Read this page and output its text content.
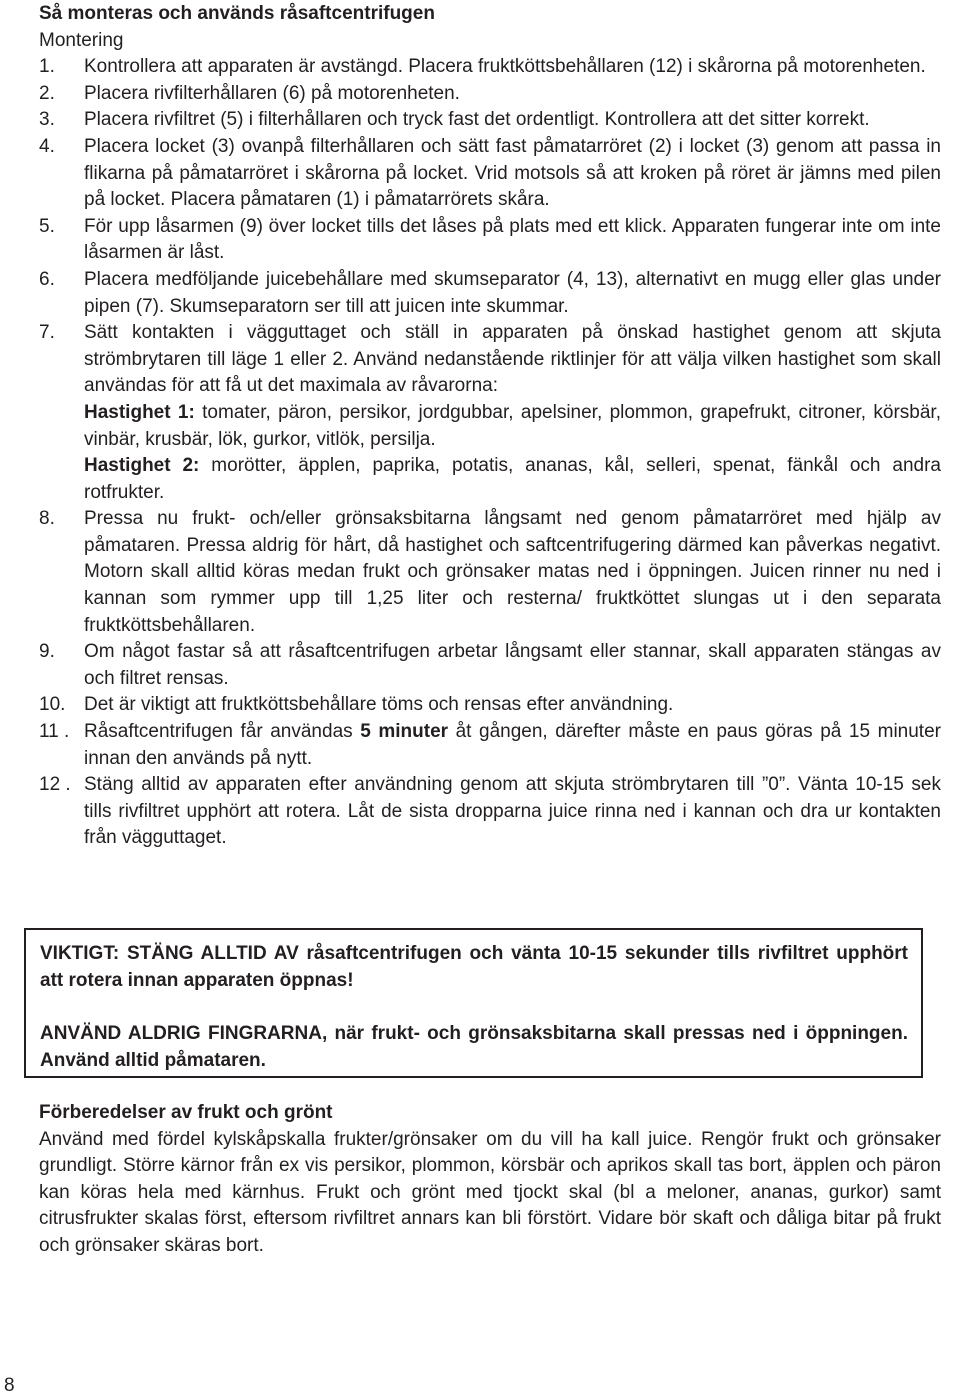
Så monteras och används råsaftcentrifugen

Montering

1. Kontrollera att apparaten är avstängd. Placera fruktköttsbehållaren (12) i skårorna på motorenheten.
2. Placera rivfilterhållaren (6) på motorenheten.
3. Placera rivfiltret (5) i filterhållaren och tryck fast det ordentligt. Kontrollera att det sitter korrekt.
4. Placera locket (3) ovanpå filterhållaren och sätt fast påmatarröret (2) i locket (3) genom att passa in flikarna på påmatarröret i skårorna på locket. Vrid motsols så att kroken på röret är jämns med pilen på locket. Placera påmataren (1) i påmatarrörets skåra.
5. För upp låsarmen (9) över locket tills det låses på plats med ett klick. Apparaten fungerar inte om inte låsarmen är låst.
6. Placera medföljande juicebehållare med skumseparator (4, 13), alternativt en mugg eller glas under pipen (7). Skumseparatorn ser till att juicen inte skummar.
7. Sätt kontakten i vägguttaget och ställ in apparaten på önskad hastighet genom att skjuta strömbrytaren till läge 1 eller 2. Använd nedanstående riktlinjer för att välja vilken hastighet som skall användas för att få ut det maximala av råvarorna:

Hastighet 1: tomater, päron, persikor, jordgubbar, apelsiner, plommon, grapefrukt, citroner, körsbär, vinbär, krusbär, lök, gurkor, vitlök, persilja.

Hastighet 2: morötter, äpplen, paprika, potatis, ananas, kål, selleri, spenat, fänkål och andra rotfrukter.

8. Pressa nu frukt- och/eller grönsaksbitarna långsamt ned genom påmatarröret med hjälp av påmataren. Pressa aldrig för hårt, då hastighet och saftcentrifugering därmed kan påverkas negativt. Motorn skall alltid köras medan frukt och grönsaker matas ned i öppningen. Juicen rinner nu ned i kannan som rymmer upp till 1,25 liter och resterna/ fruktköttet slungas ut i den separata fruktköttsbehållaren.
9. Om något fastar så att råsaftcentrifugen arbetar långsamt eller stannar, skall apparaten stängas av och filtret rensas.
10. Det är viktigt att fruktköttsbehållare töms och rensas efter användning.
11 . Råsaftcentrifugen får användas 5 minuter åt gången, därefter måste en paus göras på 15 minuter innan den används på nytt.
12 . Stäng alltid av apparaten efter användning genom att skjuta strömbrytaren till ”0”. Vänta 10-15 sek tills rivfiltret upphört att rotera. Låt de sista dropparna juice rinna ned i kannan och dra ur kontakten från vägguttaget.

VIKTIGT: STÄNG ALLTID AV råsaftcentrifugen och vänta 10-15 sekunder tills rivfiltret upphört att rotera innan apparaten öppnas!

ANVÄND ALDRIG FINGRARNA, när frukt- och grönsaksbitarna skall pressas ned i öppningen. Använd alltid påmataren.

Förberedelser av frukt och grönt

Använd med fördel kylskåpskalla frukter/grönsaker om du vill ha kall juice. Rengör frukt och grönsaker grundligt. Större kärnor från ex vis persikor, plommon, körsbär och aprikos skall tas bort, äpplen och päron kan köras hela med kärnhus. Frukt och grönt med tjockt skal (bl a meloner, ananas, gurkor) samt citrusfrukter skalas först, eftersom rivfiltret annars kan bli förstört. Vidare bör skaft och dåliga bitar på frukt och grönsaker skäras bort.

8
